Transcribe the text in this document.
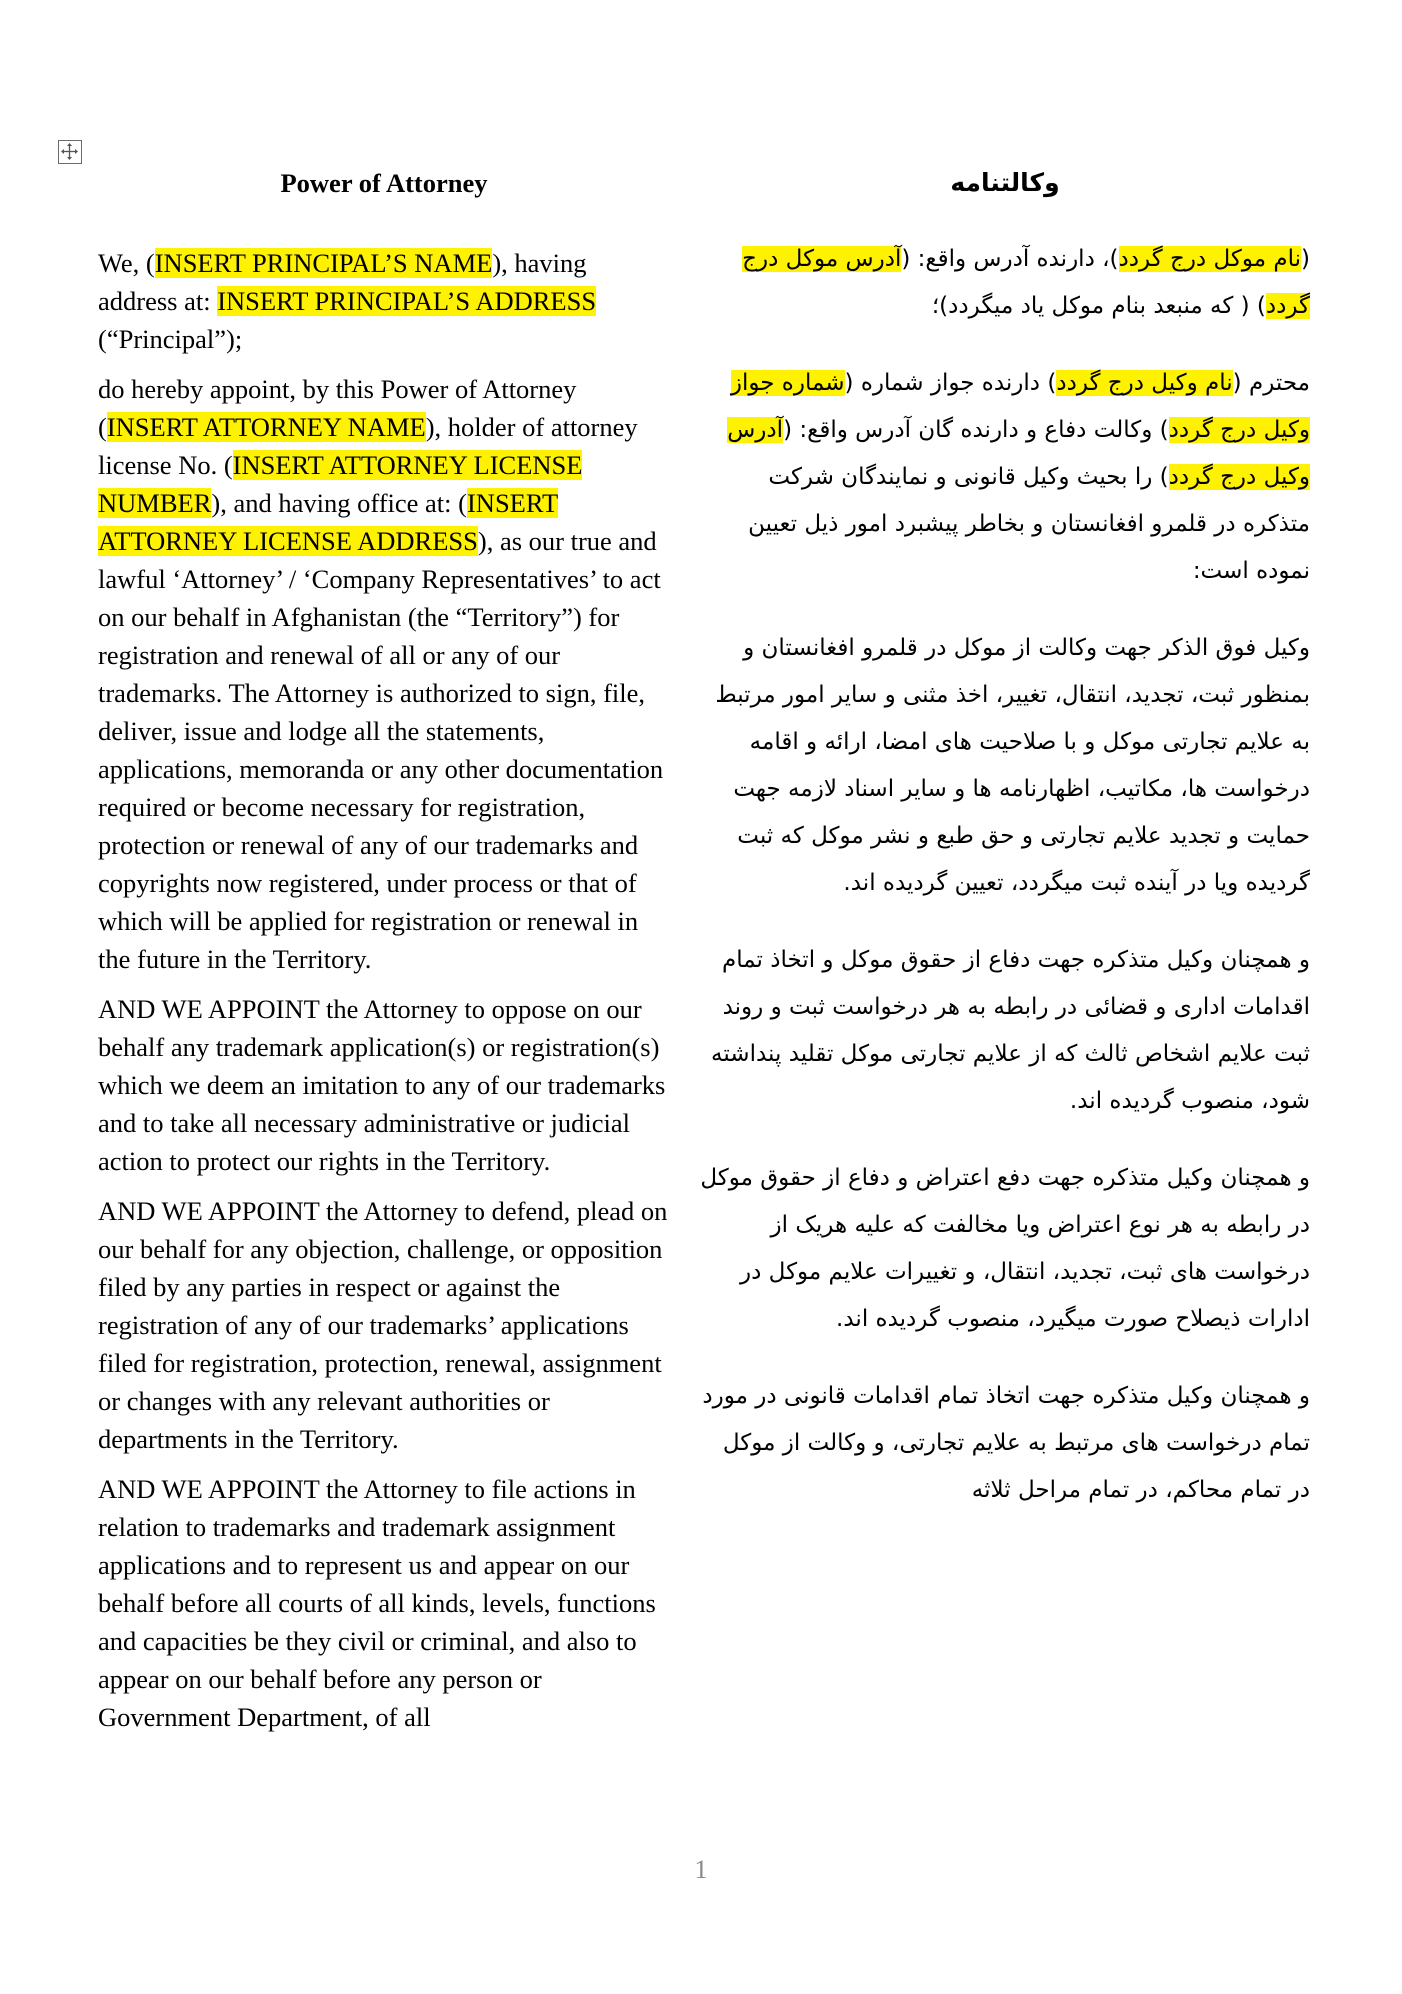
Power of Attorney

We, (INSERT PRINCIPAL’S NAME), having address at: INSERT PRINCIPAL’S ADDRESS (“Principal”);

do hereby appoint, by this Power of Attorney (INSERT ATTORNEY NAME), holder of attorney license No. (INSERT ATTORNEY LICENSE NUMBER), and having office at: (INSERT ATTORNEY LICENSE ADDRESS), as our true and lawful ‘Attorney’ / ‘Company Representatives’ to act on our behalf in Afghanistan (the “Territory”) for registration and renewal of all or any of our trademarks. The Attorney is authorized to sign, file, deliver, issue and lodge all the statements, applications, memoranda or any other documentation required or become necessary for registration, protection or renewal of any of our trademarks and copyrights now registered, under process or that of which will be applied for registration or renewal in the future in the Territory.

AND WE APPOINT the Attorney to oppose on our behalf any trademark application(s) or registration(s) which we deem an imitation to any of our trademarks and to take all necessary administrative or judicial action to protect our rights in the Territory.

AND WE APPOINT the Attorney to defend, plead on our behalf for any objection, challenge, or opposition filed by any parties in respect or against the registration of any of our trademarks’ applications filed for registration, protection, renewal, assignment or changes with any relevant authorities or departments in the Territory.

AND WE APPOINT the Attorney to file actions in relation to trademarks and trademark assignment applications and to represent us and appear on our behalf before all courts of all kinds, levels, functions and capacities be they civil or criminal, and also to appear on our behalf before any person or Government Department, of all

وکالتنامه

(نام موکل درج گردد)، دارنده آدرس واقع: (آدرس موکل درج گردد) ( که منبعد بنام موکل یاد میگردد)؛

محترم (نام وکیل درج گردد) دارنده جواز شماره (شماره جواز وکیل درج گردد) وکالت دفاع و دارنده گان آدرس واقع: (آدرس وکیل درج گردد) را بحیث وکیل قانونی و نمایندگان شرکت متذکره در قلمرو افغانستان و بخاطر پیشبرد امور ذیل تعیین نموده است:

وکیل فوق الذکر جهت وکالت از موکل در قلمرو افغانستان و بمنظور ثبت، تجدید، انتقال، تغییر، اخذ مثنی و سایر امور مرتبط به علایم تجارتی موکل و با صلاحیت های امضا، ارائه و اقامه درخواست ها، مکاتیب، اظهارنامه ها و سایر اسناد لازمه جهت حمایت و تجدید علایم تجارتی و حق طبع و نشر موکل که ثبت گردیده ویا در آینده ثبت میگردد، تعیین گردیده اند.

و همچنان وکیل متذکره جهت دفاع از حقوق موکل و اتخاذ تمام اقدامات اداری و قضائی در رابطه به هر درخواست ثبت و روند ثبت علایم اشخاص ثالث که از علایم تجارتی موکل تقلید پنداشته شود، منصوب گردیده اند.

و همچنان وکیل متذکره جهت دفع اعتراض و دفاع از حقوق موکل در رابطه به هر نوع اعتراض ویا مخالفت که علیه هریک از درخواست های ثبت، تجدید، انتقال، و تغییرات علایم موکل در ادارات ذیصلاح صورت میگیرد، منصوب گردیده اند.

و همچنان وکیل متذکره جهت اتخاذ تمام اقدامات قانونی در مورد تمام درخواست های مرتبط به علایم تجارتی، و وکالت از موکل در تمام محاکم، در تمام مراحل ثلاثه

1
